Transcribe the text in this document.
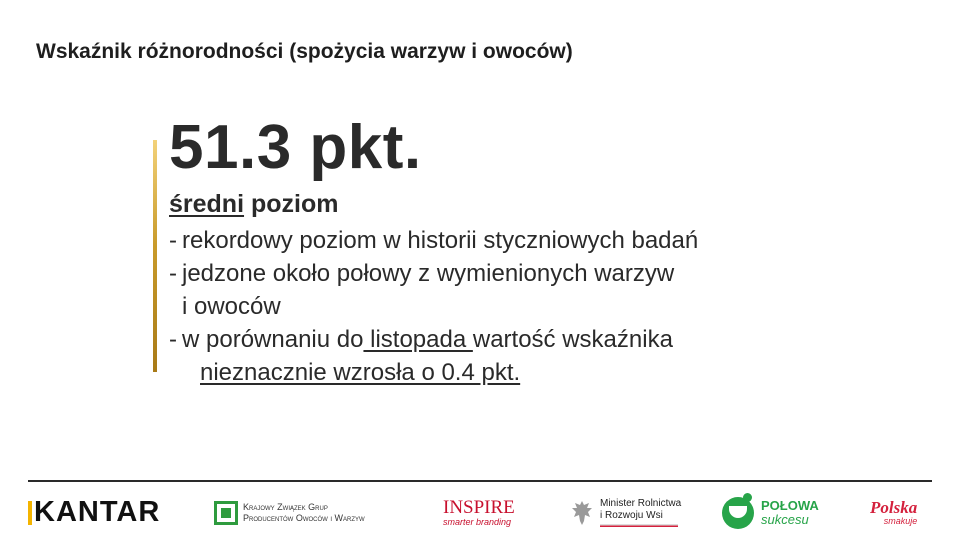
Wskaźnik różnorodności (spożycia warzyw i owoców)
51.3 pkt.
średni poziom
- rekordowy poziom w historii styczniowych badań
- jedzone około połowy z wymienionych warzyw
i owoców
- w porównaniu do listopada wartość wskaźnika
nieznacznie wzrosła o 0.4 pkt.
KANTAR	Krajowy Związek Grup
Producentów Owoców i Warzyw	INSPIRE
smarter branding
Minister Rolnictwa
i Rozwoju Wsi
POŁOWA
sukcesu
Polska
smakuje
